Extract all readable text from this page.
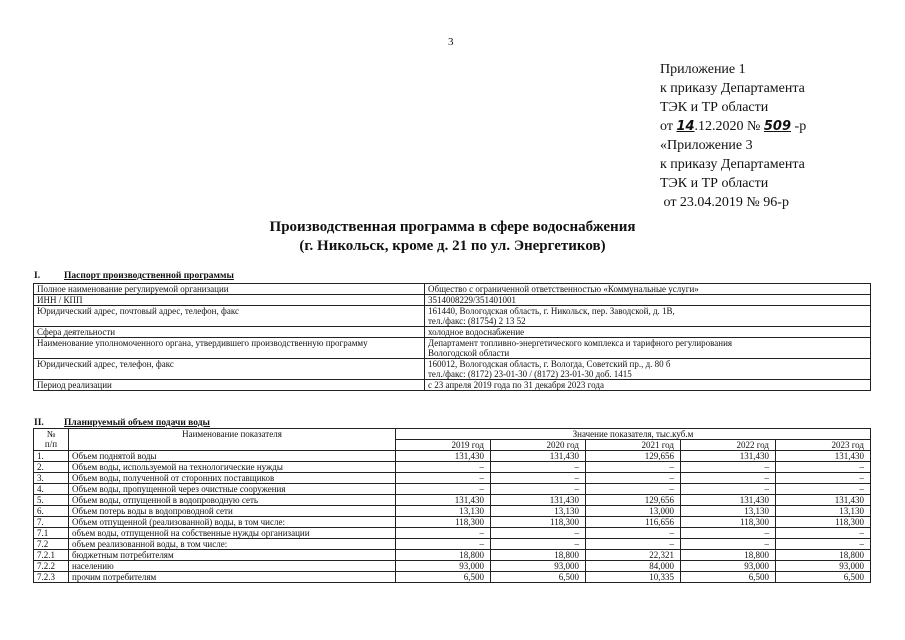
3
Приложение 1
к приказу Департамента
ТЭК и ТР области
от 14.12.2020 № 509 -р
«Приложение 3
к приказу Департамента
ТЭК и ТР области
от 23.04.2019 № 96-р
Производственная программа в сфере водоснабжения
(г. Никольск, кроме д. 21 по ул. Энергетиков)
I.	Паспорт производственной программы
Полное наименование регулируемой организации	Общество с ограниченной ответственностью «Коммунальные услуги»
ИНН / КПП	3514008229/351401001
Юридический адрес, почтовый адрес, телефон, факс	161440, Вологодская область, г. Никольск, пер. Заводской, д. 1В,
тел./факс: (81754) 2 13 52
Сфера деятельности	холодное водоснабжение
Наименование уполномоченного органа, утвердившего производственную программу	Департамент топливно-энергетического комплекса и тарифного регулирования
Вологодской области
Юридический адрес, телефон, факс	160012, Вологодская область, г. Вологда, Советский пр., д. 80 б
тел./факс: (8172) 23-01-30 / (8172) 23-01-30 доб. 1415
Период реализации	с 23 апреля 2019 года по 31 декабря 2023 года
II. Планируемый объем подачи воды
№
п/п	Наименование показателя	Значение показателя, тыс.куб.м				
		2019 год	2020 год	2021 год	2022 год	2023 год
1.	Объем поднятой воды	131,430	131,430	129,656	131,430	131,430
2.	Объем воды, используемой на технологические нужды	–	–	–	–	–
3.	Объем воды, полученной от сторонних поставщиков	–	–	–	–	–
4.	Объем воды, пропущенной через очистные сооружения	–	–	–	–	–
5.	Объем воды, отпущенной в водопроводную сеть	131,430	131,430	129,656	131,430	131,430
6.	Объем потерь воды в водопроводной сети	13,130	13,130	13,000	13,130	13,130
7.	Объем отпущенной (реализованной) воды, в том числе:	118,300	118,300	116,656	118,300	118,300
7.1	объем воды, отпущенной на собственные нужды организации	–	–	–	–	–
7.2	объем реализованной воды, в том числе:	–	–	–	–	–
7.2.1	бюджетным потребителям	18,800	18,800	22,321	18,800	18,800
7.2.2	населению	93,000	93,000	84,000	93,000	93,000
7.2.3	прочим потребителям	6,500	6,500	10,335	6,500	6,500
